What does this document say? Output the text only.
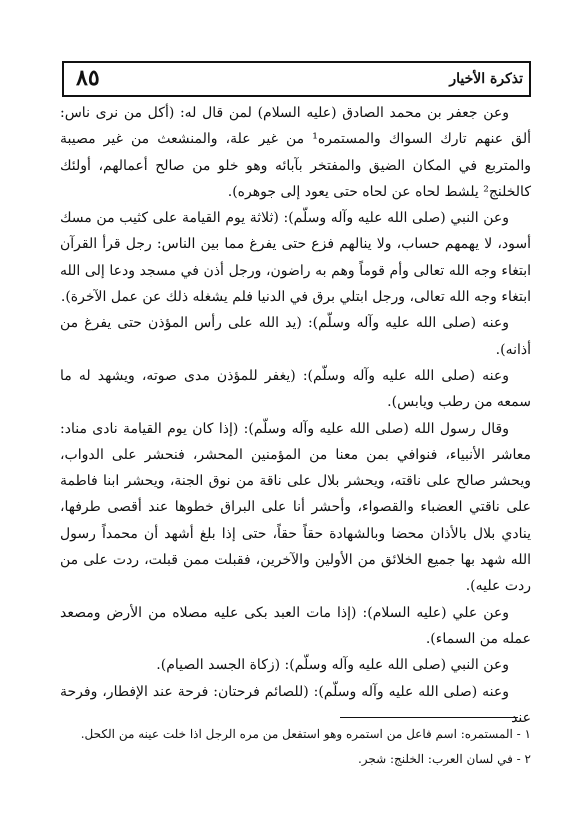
٨٥	تذكرة الأخيار

وعن جعفر بن محمد الصادق (عليه السلام) لمن قال له: (أكل من نرى ناس: ألق عنهم تارك السواك والمستمره¹ من غير علة، والمنشعث من غير مصيبة والمتربع في المكان الضيق والمفتخر بآبائه وهو خلو من صالح أعمالهم، أولئك كالخلنج² يلشط لحاه عن لحاه حتى يعود إلى جوهره).

وعن النبي (صلى الله عليه وآله وسلّم): (ثلاثة يوم القيامة على كثيب من مسك أسود، لا يهمهم حساب، ولا ينالهم فزع حتى يفرغ مما بين الناس: رجل قرأ القرآن ابتغاء وجه الله تعالى وأم قوماً وهم به راضون، ورجل أذن في مسجد ودعا إلى الله ابتغاء وجه الله تعالى، ورجل ابتلي برق في الدنيا فلم يشغله ذلك عن عمل الآخرة).

وعنه (صلى الله عليه وآله وسلّم): (يد الله على رأس المؤذن حتى يفرغ من أذانه).

وعنه (صلى الله عليه وآله وسلّم): (يغفر للمؤذن مدى صوته، ويشهد له ما سمعه من رطب ويابس).

وقال رسول الله (صلى الله عليه وآله وسلّم): (إذا كان يوم القيامة نادى مناد: معاشر الأنبياء، فنوافي بمن معنا من المؤمنين المحشر، فنحشر على الدواب، ويحشر صالح على ناقته، ويحشر بلال على ناقة من نوق الجنة، ويحشر ابنا فاطمة على ناقتي العضباء والقصواء، وأحشر أنا على البراق خطوها عند أقصى طرفها، ينادي بلال بالأذان محضا وبالشهادة حقاً حقاً، حتى إذا بلغ أشهد أن محمداً رسول الله شهد بها جميع الخلائق من الأولين والآخرين، فقبلت ممن قبلت، ردت على من ردت عليه).

وعن علي (عليه السلام): (إذا مات العبد بكى عليه مصلاه من الأرض ومصعد عمله من السماء).

وعن النبي (صلى الله عليه وآله وسلّم): (زكاة الجسد الصيام).

وعنه (صلى الله عليه وآله وسلّم): (للصائم فرحتان: فرحة عند الإفطار، وفرحة عند

١ - المستمره: اسم فاعل من استمره وهو استفعل من مره الرجل اذا خلت عينه من الكحل.

٢ - في لسان العرب: الخلنج: شجر.
